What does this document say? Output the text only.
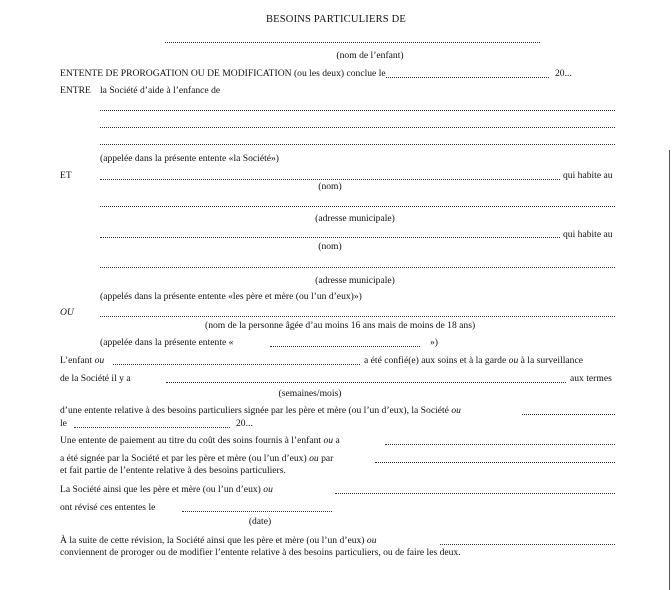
BESOINS PARTICULIERS DE
(nom de l’enfant)
ENTENTE DE PROROGATION OU DE MODIFICATION (ou les deux) conclue le	20...
ENTRE la Société d’aide à l’enfance de
(appelée dans la présente entente «la Société»)
ET	qui habite au
(nom)
(adresse municipale)
qui habite au
(nom)
(adresse municipale)
(appelés dans la présente entente «les père et mère (ou l’un d’eux)»)
OU
(nom de la personne âgée d’au moins 16 ans mais de moins de 18 ans)
(appelée dans la présente entente «	»)
L’enfant ou	a été confié(e) aux soins et à la garde ou à la surveillance
de la Société il y a	aux termes
(semaines/mois)
d’une entente relative à des besoins particuliers signée par les père et mère (ou l’un d’eux), la Société ou
le	20...
Une entente de paiement au titre du coût des soins fournis à l’enfant ou a
a été signée par la Société et par les père et mère (ou l’un d’eux) ou par
et fait partie de l’entente relative à des besoins particuliers.
La Société ainsi que les père et mère (ou l’un d’eux) ou
ont révisé ces ententes le
(date)
À la suite de cette révision, la Société ainsi que les père et mère (ou l’un d’eux) ou
conviennent de proroger ou de modifier l’entente relative à des besoins particuliers, ou de faire les deux.
